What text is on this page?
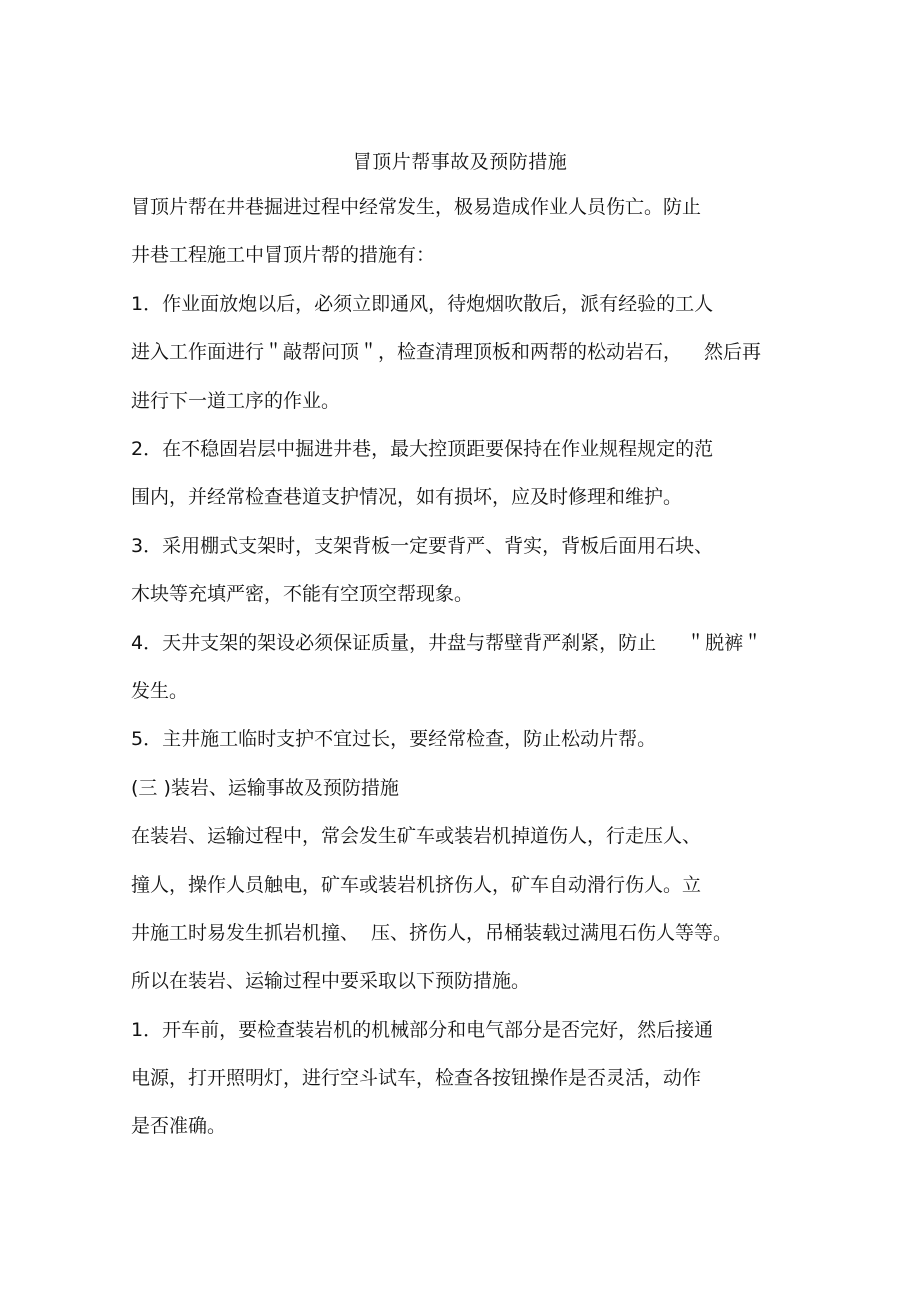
冒顶片帮事故及预防措施
冒顶片帮在井巷掘进过程中经常发生，极易造成作业人员伤亡。防止
井巷工程施工中冒顶片帮的措施有：
1．作业面放炮以后，必须立即通风，待炮烟吹散后，派有经验的工人
进入工作面进行＂敲帮问顶＂，检查清理顶板和两帮的松动岩石， 然后再
进行下一道工序的作业。
2．在不稳固岩层中掘进井巷，最大控顶距要保持在作业规程规定的范
围内，并经常检查巷道支护情况，如有损坏，应及时修理和维护。
3．采用棚式支架时，支架背板一定要背严、背实，背板后面用石块、
木块等充填严密，不能有空顶空帮现象。
4．天井支架的架设必须保证质量，井盘与帮壁背严刹紧，防止 ＂脱裤＂
发生。
5．主井施工临时支护不宜过长，要经常检查，防止松动片帮。
(三 )装岩、运输事故及预防措施
在装岩、运输过程中，常会发生矿车或装岩机掉道伤人，行走压人、
撞人，操作人员触电，矿车或装岩机挤伤人，矿车自动滑行伤人。立
井施工时易发生抓岩机撞、 压、挤伤人，吊桶装载过满甩石伤人等等。
所以在装岩、运输过程中要采取以下预防措施。
1．开车前，要检查装岩机的机械部分和电气部分是否完好，然后接通
电源，打开照明灯，进行空斗试车，检查各按钮操作是否灵活，动作
是否准确。
